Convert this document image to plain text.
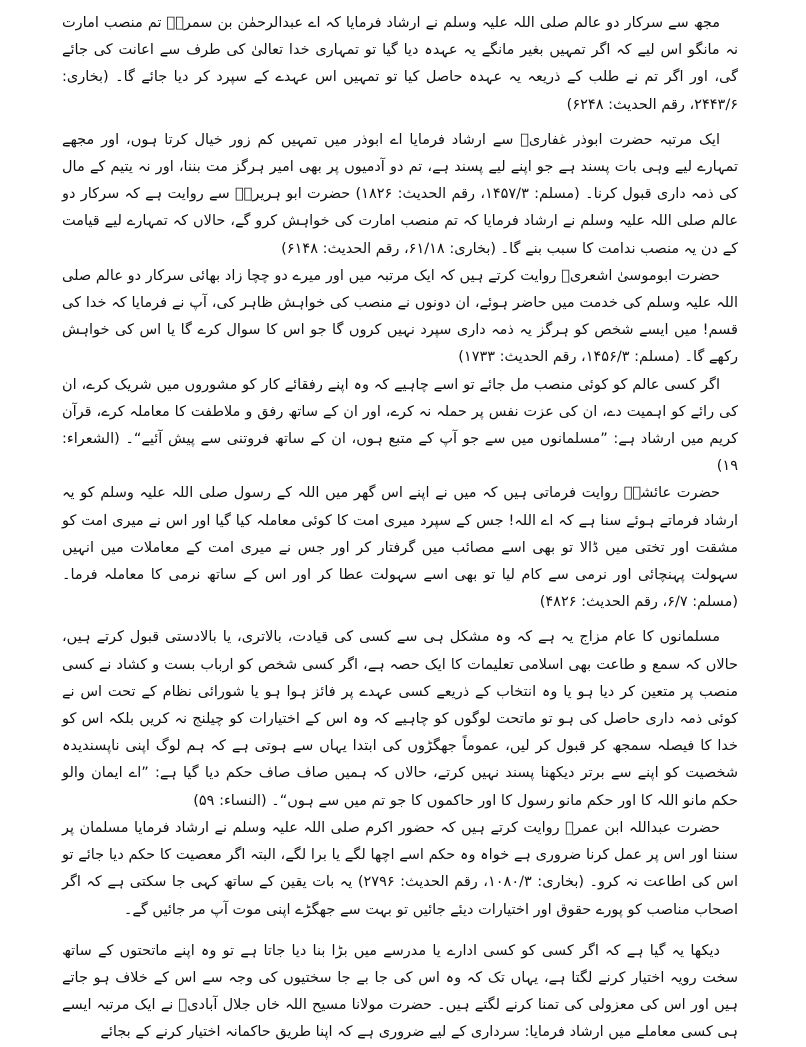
مجھ سے سرکار دو عالم صلی اللہ علیہ وسلم نے ارشاد فرمایا کہ اے عبدالرحمٰن بن سمرہؓ تم منصب امارت نہ مانگو اس لیے کہ اگر تمہیں بغیر مانگے یہ عہدہ دیا گیا تو تمہاری خدا تعالیٰ کی طرف سے اعانت کی جائے گی، اور اگر تم نے طلب کے ذریعہ یہ عہدہ حاصل کیا تو تمہیں اس عہدے کے سپرد کر دیا جائے گا۔ (بخاری: ۲۴۴۳/۶، رقم الحدیث: ۶۲۴۸)

ایک مرتبہ حضرت ابوذر غفاریؓ سے ارشاد فرمایا اے ابوذر میں تمہیں کم زور خیال کرتا ہوں، اور مجھے تمہارے لیے وہی بات پسند ہے جو اپنے لیے پسند ہے، تم دو آدمیوں پر بھی امیر ہرگز مت بننا، اور نہ یتیم کے مال کی ذمہ داری قبول کرنا۔ (مسلم: ۱۴۵۷/۳، رقم الحدیث: ۱۸۲۶) حضرت ابو ہریرہؓ سے روایت ہے کہ سرکار دو عالم صلی اللہ علیہ وسلم نے ارشاد فرمایا کہ تم منصب امارت کی خواہش کرو گے، حالاں کہ تمہارے لیے قیامت کے دن یہ منصب ندامت کا سبب بنے گا۔ (بخاری: ۶۱/۱۸، رقم الحدیث: ۶۱۴۸)

حضرت ابوموسیٰ اشعریؓ روایت کرتے ہیں کہ ایک مرتبہ میں اور میرے دو چچا زاد بھائی سرکار دو عالم صلی اللہ علیہ وسلم کی خدمت میں حاضر ہوئے، ان دونوں نے منصب کی خواہش ظاہر کی، آپ نے فرمایا کہ خدا کی قسم! میں ایسے شخص کو ہرگز یہ ذمہ داری سپرد نہیں کروں گا جو اس کا سوال کرے گا یا اس کی خواہش رکھے گا۔ (مسلم: ۱۴۵۶/۳، رقم الحدیث: ۱۷۳۳)

اگر کسی عالم کو کوئی منصب مل جائے تو اسے چاہیے کہ وہ اپنے رفقائے کار کو مشوروں میں شریک کرے، ان کی رائے کو اہمیت دے، ان کی عزت نفس پر حملہ نہ کرے، اور ان کے ساتھ رفق و ملاطفت کا معاملہ کرے، قرآن کریم میں ارشاد ہے: ”مسلمانوں میں سے جو آپ کے متبع ہوں، ان کے ساتھ فروتنی سے پیش آئیے“۔ (الشعراء: ۱۹)

حضرت عائشہؓ روایت فرماتی ہیں کہ میں نے اپنے اس گھر میں اللہ کے رسول صلی اللہ علیہ وسلم کو یہ ارشاد فرماتے ہوئے سنا ہے کہ اے اللہ! جس کے سپرد میری امت کا کوئی معاملہ کیا گیا اور اس نے میری امت کو مشقت اور تختی میں ڈالا تو بھی اسے مصائب میں گرفتار کر اور جس نے میری امت کے معاملات میں انہیں سہولت پہنچائی اور نرمی سے کام لیا تو بھی اسے سہولت عطا کر اور اس کے ساتھ نرمی کا معاملہ فرما۔ (مسلم: ۶/۷، رقم الحدیث: ۴۸۲۶)

مسلمانوں کا عام مزاج یہ ہے کہ وہ مشکل ہی سے کسی کی قیادت، بالاتری، یا بالادستی قبول کرتے ہیں، حالاں کہ سمع و طاعت بھی اسلامی تعلیمات کا ایک حصہ ہے، اگر کسی شخص کو ارباب بست و کشاد نے کسی منصب پر متعین کر دیا ہو یا وہ انتخاب کے ذریعے کسی عہدے پر فائز ہوا ہو یا شورائی نظام کے تحت اس نے کوئی ذمہ داری حاصل کی ہو تو ماتحت لوگوں کو چاہیے کہ وہ اس کے اختیارات کو چیلنج نہ کریں بلکہ اس کو خدا کا فیصلہ سمجھ کر قبول کر لیں، عموماً جھگڑوں کی ابتدا یہاں سے ہوتی ہے کہ ہم لوگ اپنی ناپسندیدہ شخصیت کو اپنے سے برتر دیکھنا پسند نہیں کرتے، حالاں کہ ہمیں صاف صاف حکم دیا گیا ہے: ”اے ایمان والو حکم مانو اللہ کا اور حکم مانو رسول کا اور حاکموں کا جو تم میں سے ہوں“۔ (النساء: ۵۹)

حضرت عبداللہ ابن عمرؓ روایت کرتے ہیں کہ حضور اکرم صلی اللہ علیہ وسلم نے ارشاد فرمایا مسلمان پر سننا اور اس پر عمل کرنا ضروری ہے خواہ وہ حکم اسے اچھا لگے یا برا لگے، البتہ اگر معصیت کا حکم دیا جائے تو اس کی اطاعت نہ کرو۔ (بخاری: ۱۰۸۰/۳، رقم الحدیث: ۲۷۹۶) یہ بات یقین کے ساتھ کہی جا سکتی ہے کہ اگر اصحاب مناصب کو پورے حقوق اور اختیارات دیئے جائیں تو بہت سے جھگڑے اپنی موت آپ مر جائیں گے۔

دیکھا یہ گیا ہے کہ اگر کسی کو کسی ادارے یا مدرسے میں بڑا بنا دیا جاتا ہے تو وہ اپنے ماتحتوں کے ساتھ سخت رویہ اختیار کرنے لگتا ہے، یہاں تک کہ وہ اس کی جا بے جا سختیوں کی وجہ سے اس کے خلاف ہو جاتے ہیں اور اس کی معزولی کی تمنا کرنے لگتے ہیں۔ حضرت مولانا مسیح اللہ خاں جلال آبادیؒ نے ایک مرتبہ ایسے ہی کسی معاملے میں ارشاد فرمایا: سرداری کے لیے ضروری ہے کہ اپنا طریق حاکمانہ اختیار کرنے کے بجائے
